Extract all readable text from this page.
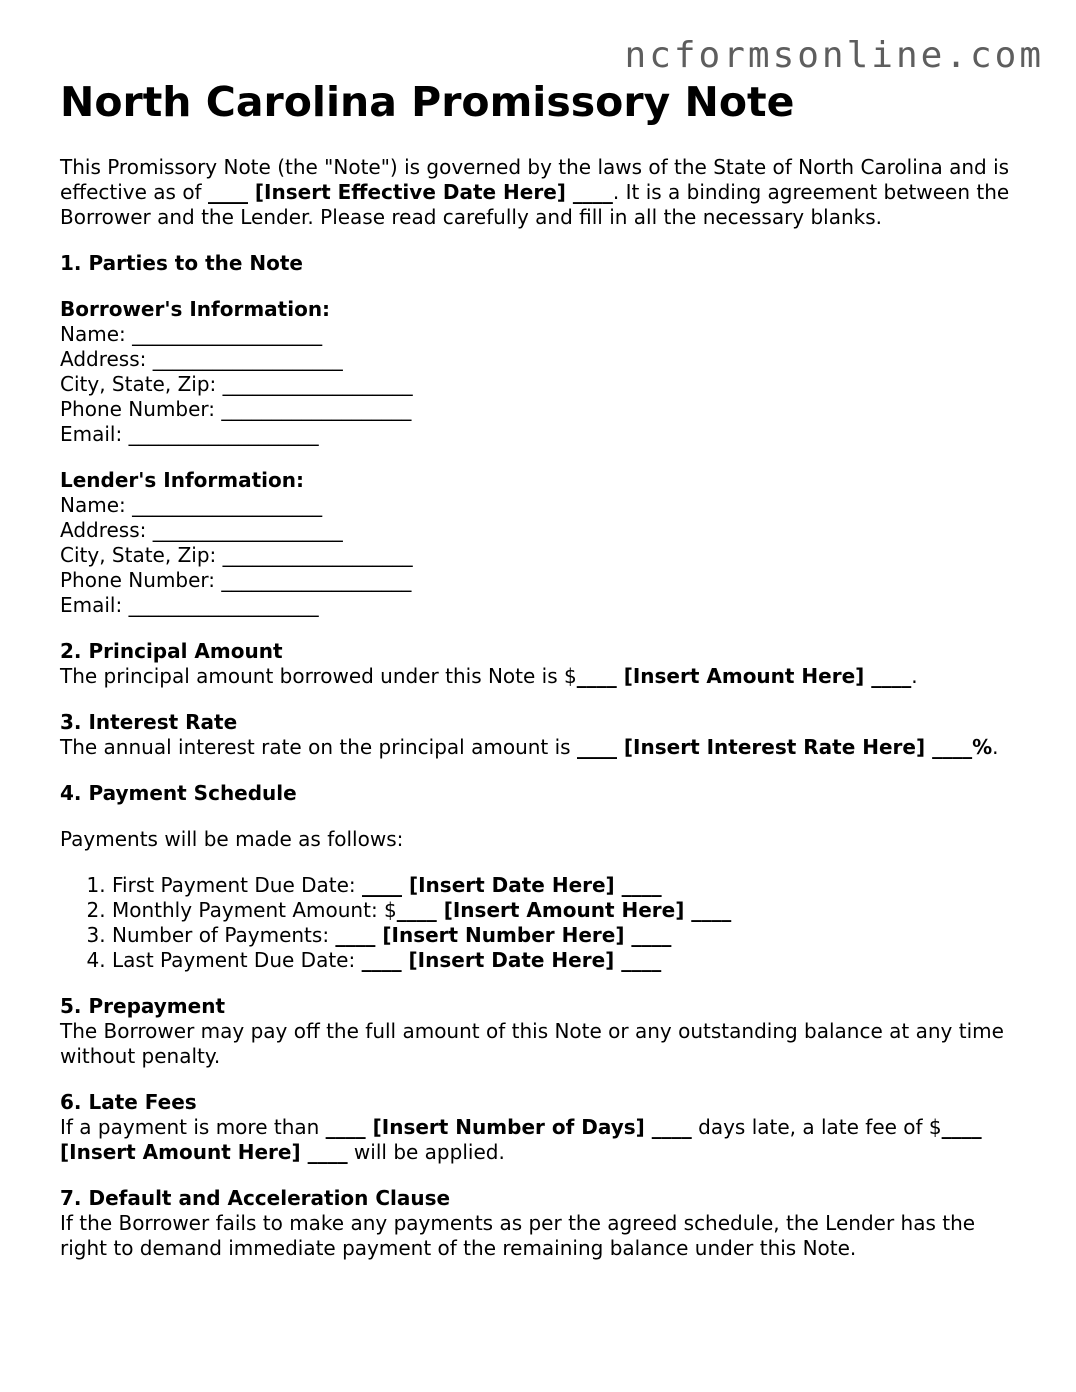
ncformsonline.com
North Carolina Promissory Note

This Promissory Note (the "Note") is governed by the laws of the State of North Carolina and is effective as of ____ [Insert Effective Date Here] ____. It is a binding agreement between the Borrower and the Lender. Please read carefully and fill in all the necessary blanks.

1. Parties to the Note

Borrower's Information:

Name: ___________________

Address: ___________________

City, State, Zip: ___________________

Phone Number: ___________________

Email: ___________________

Lender's Information:

Name: ___________________

Address: ___________________

City, State, Zip: ___________________

Phone Number: ___________________

Email: ___________________

2. Principal Amount

The principal amount borrowed under this Note is $____ [Insert Amount Here] ____.

3. Interest Rate

The annual interest rate on the principal amount is ____ [Insert Interest Rate Here] ____%.

4. Payment Schedule

Payments will be made as follows:

1. First Payment Due Date: ____ [Insert Date Here] ____
2. Monthly Payment Amount: $____ [Insert Amount Here] ____
3. Number of Payments: ____ [Insert Number Here] ____
4. Last Payment Due Date: ____ [Insert Date Here] ____

5. Prepayment

The Borrower may pay off the full amount of this Note or any outstanding balance at any time without penalty.

6. Late Fees

If a payment is more than ____ [Insert Number of Days] ____ days late, a late fee of $____ [Insert Amount Here] ____ will be applied.

7. Default and Acceleration Clause

If the Borrower fails to make any payments as per the agreed schedule, the Lender has the right to demand immediate payment of the remaining balance under this Note.
